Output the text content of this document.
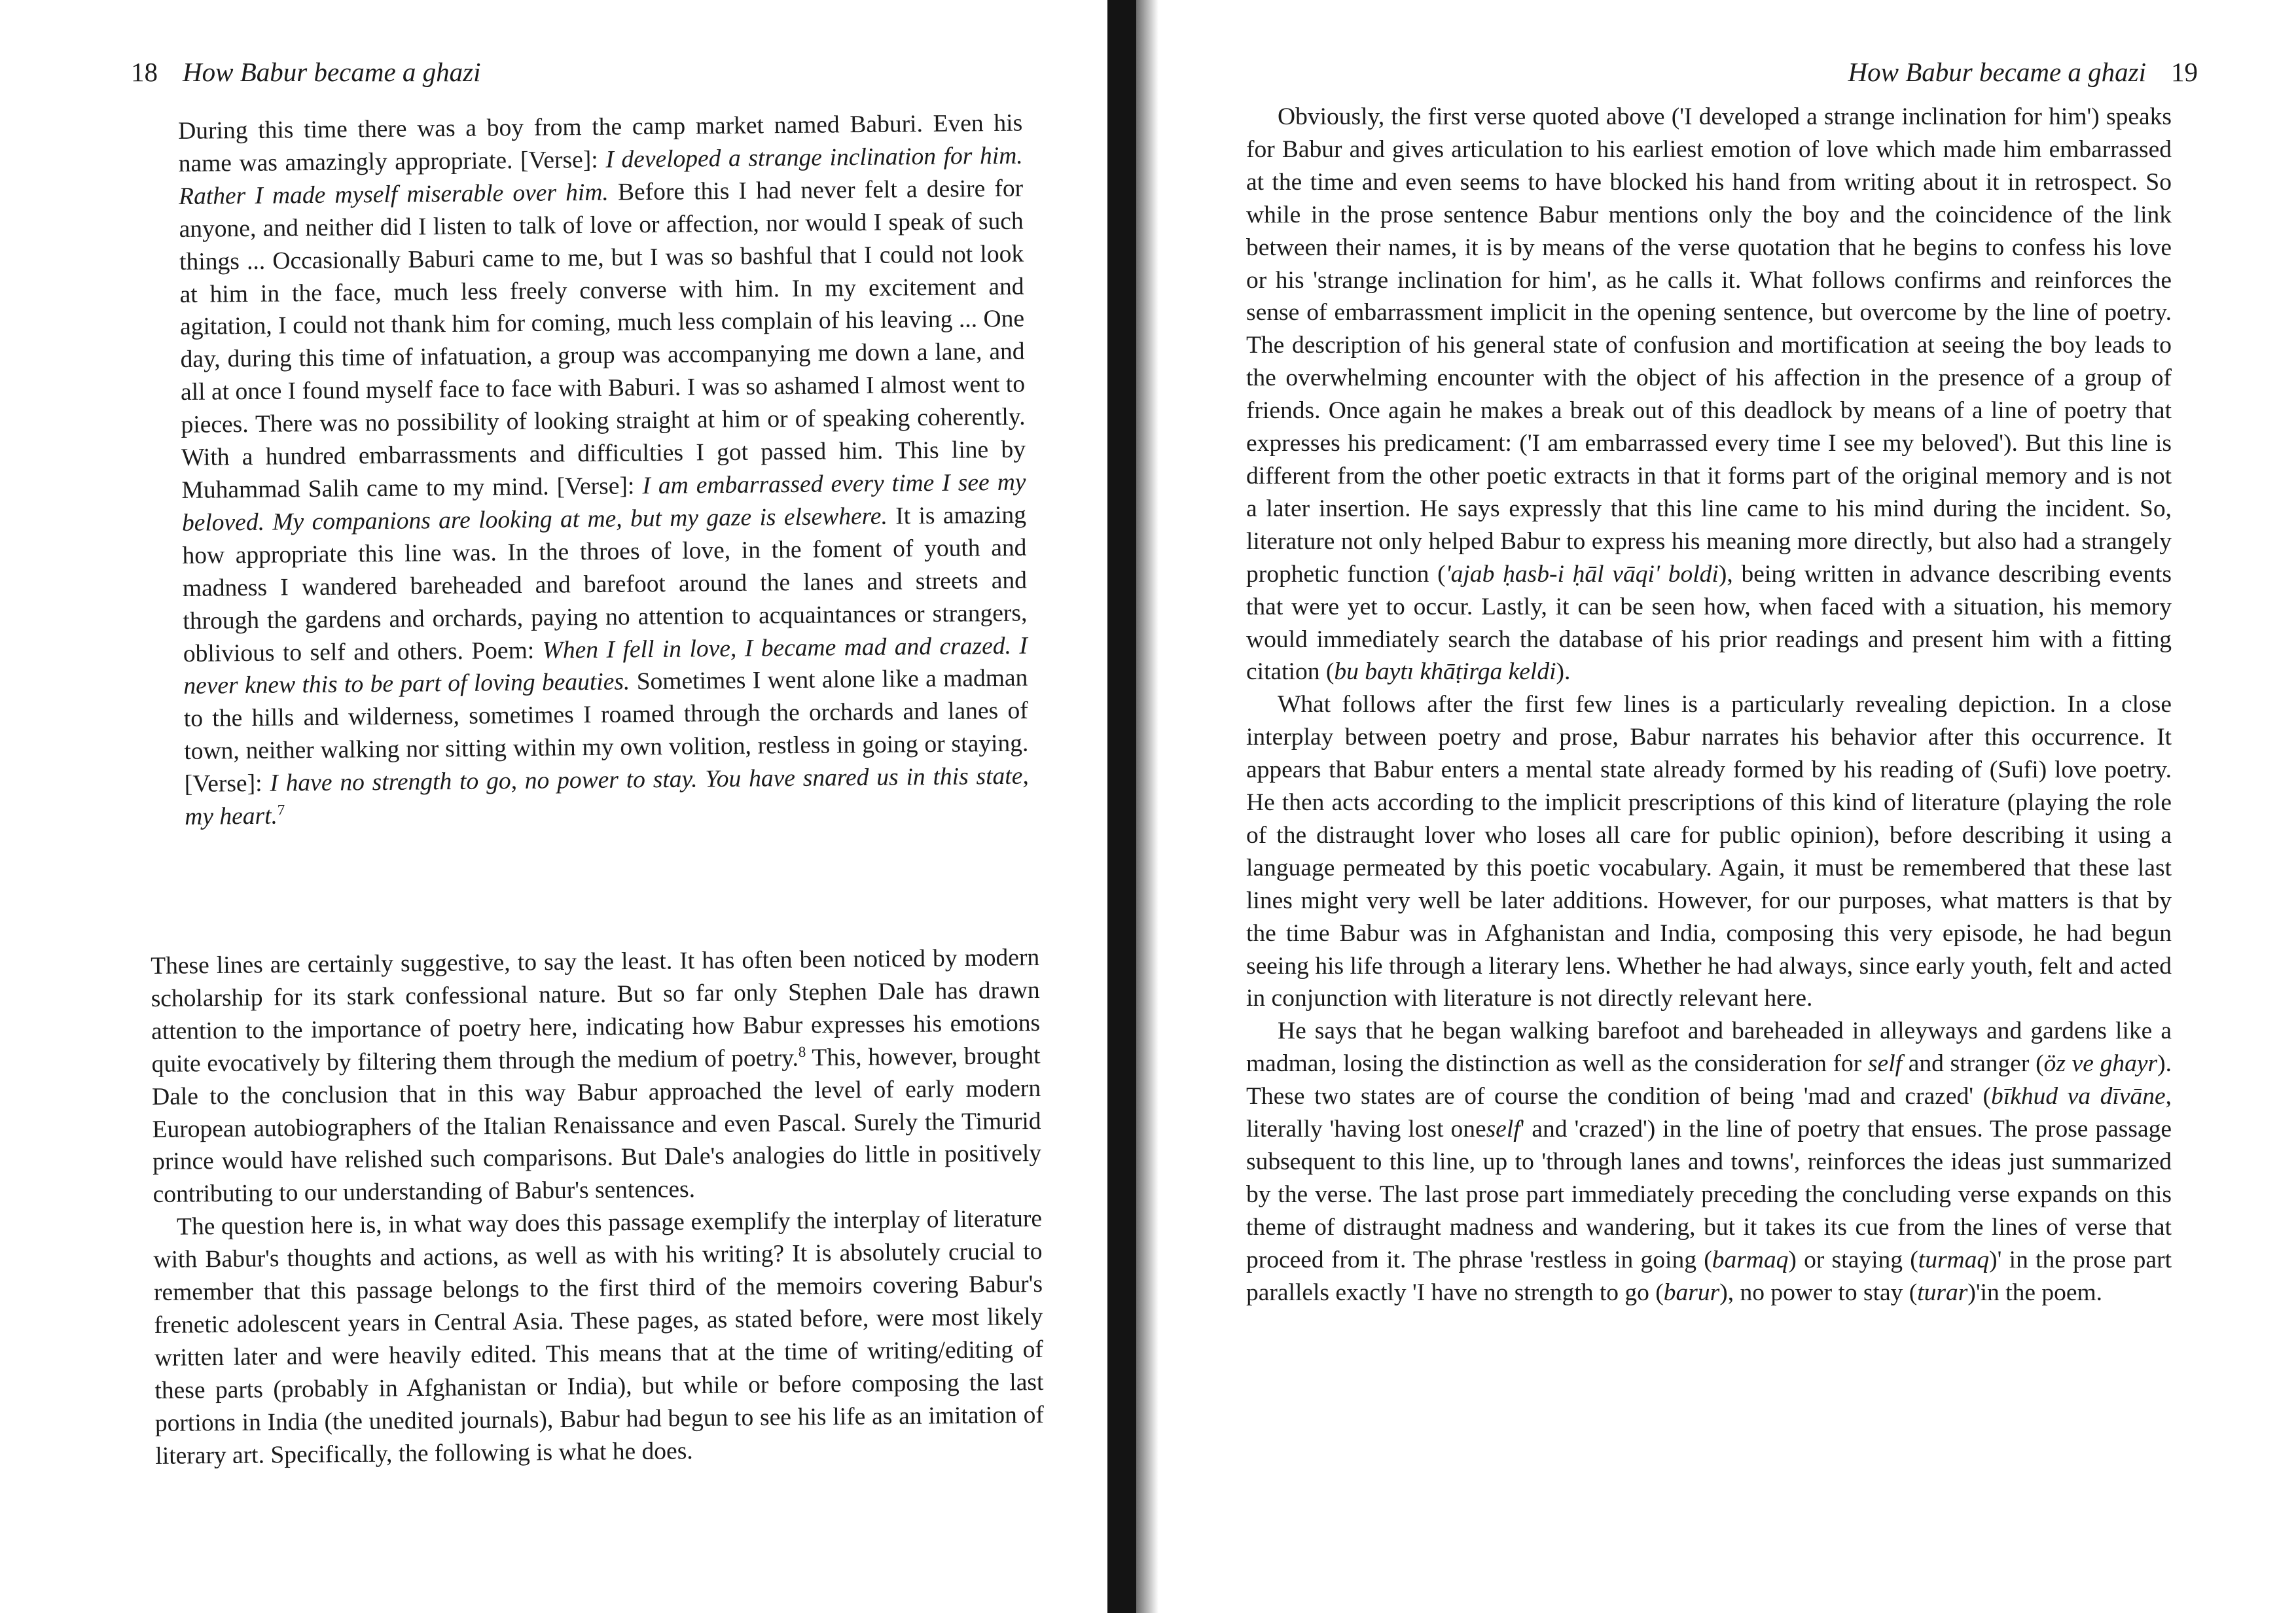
18 How Babur became a ghazi

During this time there was a boy from the camp market named Baburi. Even his name was amazingly appropriate. [Verse]: I developed a strange inclination for him. Rather I made myself miserable over him. Before this I had never felt a desire for anyone, and neither did I listen to talk of love or affection, nor would I speak of such things ... Occasionally Baburi came to me, but I was so bashful that I could not look at him in the face, much less freely converse with him. In my excitement and agitation, I could not thank him for coming, much less complain of his leaving ... One day, during this time of infatuation, a group was accompanying me down a lane, and all at once I found myself face to face with Baburi. I was so ashamed I almost went to pieces. There was no possibility of looking straight at him or of speaking coherently. With a hundred embarrassments and difficulties I got passed him. This line by Muhammad Salih came to my mind. [Verse]: I am embarrassed every time I see my beloved. My companions are looking at me, but my gaze is elsewhere. It is amazing how appropriate this line was. In the throes of love, in the foment of youth and madness I wandered bareheaded and barefoot around the lanes and streets and through the gardens and orchards, paying no attention to acquaintances or strangers, oblivious to self and others. Poem: When I fell in love, I became mad and crazed. I never knew this to be part of loving beauties. Sometimes I went alone like a madman to the hills and wilderness, sometimes I roamed through the orchards and lanes of town, neither walking nor sitting within my own volition, restless in going or staying. [Verse]: I have no strength to go, no power to stay. You have snared us in this state, my heart.$^7$

These lines are certainly suggestive, to say the least. It has often been noticed by modern scholarship for its stark confessional nature. But so far only Stephen Dale has drawn attention to the importance of poetry here, indicating how Babur expresses his emotions quite evocatively by filtering them through the medium of poetry.$^8$ This, however, brought Dale to the conclusion that in this way Babur approached the level of early modern European autobiographers of the Italian Renaissance and even Pascal. Surely the Timurid prince would have relished such comparisons. But Dale's analogies do little in positively contributing to our understanding of Babur's sentences.

The question here is, in what way does this passage exemplify the interplay of literature with Babur's thoughts and actions, as well as with his writing? It is absolutely crucial to remember that this passage belongs to the first third of the memoirs covering Babur's frenetic adolescent years in Central Asia. These pages, as stated before, were most likely written later and were heavily edited. This means that at the time of writing/editing of these parts (probably in Afghanistan or India), but while or before composing the last portions in India (the unedited journals), Babur had begun to see his life as an imitation of literary art. Specifically, the following is what he does.

How Babur became a ghazi 19

Obviously, the first verse quoted above ('I developed a strange inclination for him') speaks for Babur and gives articulation to his earliest emotion of love which made him embarrassed at the time and even seems to have blocked his hand from writing about it in retrospect. So while in the prose sentence Babur mentions only the boy and the coincidence of the link between their names, it is by means of the verse quotation that he begins to confess his love or his 'strange inclination for him', as he calls it. What follows confirms and reinforces the sense of embarrassment implicit in the opening sentence, but overcome by the line of poetry. The description of his general state of confusion and mortification at seeing the boy leads to the overwhelming encounter with the object of his affection in the presence of a group of friends. Once again he makes a break out of this deadlock by means of a line of poetry that expresses his predicament: ('I am embarrassed every time I see my beloved'). But this line is different from the other poetic extracts in that it forms part of the original memory and is not a later insertion. He says expressly that this line came to his mind during the incident. So, literature not only helped Babur to express his meaning more directly, but also had a strangely prophetic function ('ajab ḥasb-i ḥāl vāqi' boldi), being written in advance describing events that were yet to occur. Lastly, it can be seen how, when faced with a situation, his memory would immediately search the database of his prior readings and present him with a fitting citation (bu baytı khāṭirga keldi).

What follows after the first few lines is a particularly revealing depiction. In a close interplay between poetry and prose, Babur narrates his behavior after this occurrence. It appears that Babur enters a mental state already formed by his reading of (Sufi) love poetry. He then acts according to the implicit prescriptions of this kind of literature (playing the role of the distraught lover who loses all care for public opinion), before describing it using a language permeated by this poetic vocabulary. Again, it must be remembered that these last lines might very well be later additions. However, for our purposes, what matters is that by the time Babur was in Afghanistan and India, composing this very episode, he had begun seeing his life through a literary lens. Whether he had always, since early youth, felt and acted in conjunction with literature is not directly relevant here.

He says that he began walking barefoot and bareheaded in alleyways and gardens like a madman, losing the distinction as well as the consideration for self and stranger (öz ve ghayr). These two states are of course the condition of being 'mad and crazed' (bīkhud va dīvāne, literally 'having lost oneself' and 'crazed') in the line of poetry that ensues. The prose passage subsequent to this line, up to 'through lanes and towns', reinforces the ideas just summarized by the verse. The last prose part immediately preceding the concluding verse expands on this theme of distraught madness and wandering, but it takes its cue from the lines of verse that proceed from it. The phrase 'restless in going (barmaq) or staying (turmaq)' in the prose part parallels exactly 'I have no strength to go (barur), no power to stay (turar)'in the poem.
